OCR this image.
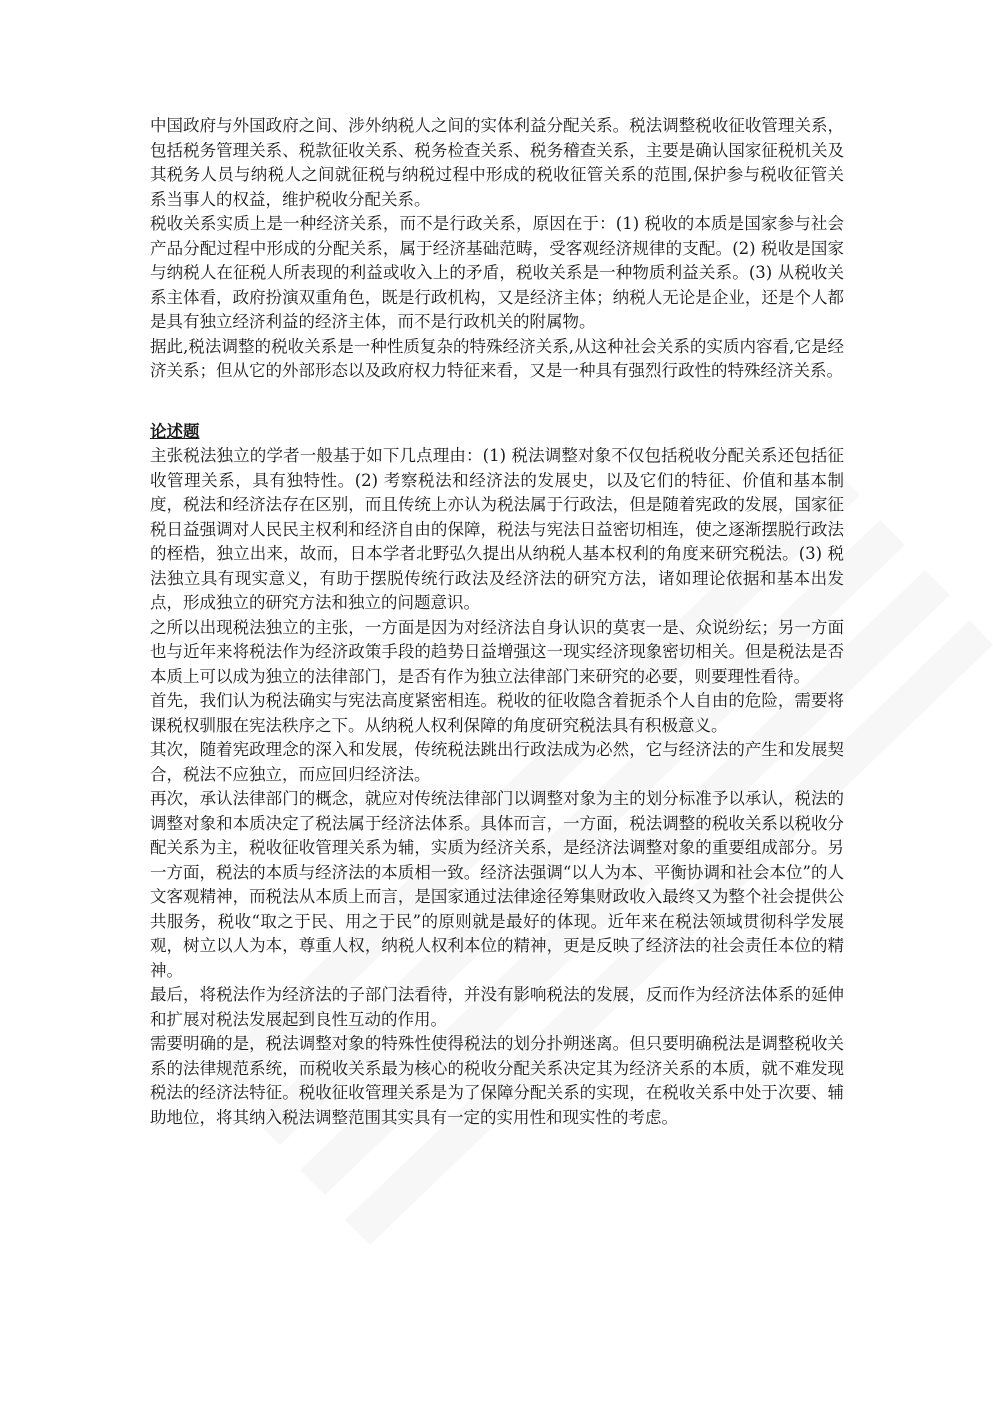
中国政府与外国政府之间、涉外纳税人之间的实体利益分配关系。税法调整税收征收管理关系，包括税务管理关系、税款征收关系、税务检查关系、税务稽查关系，主要是确认国家征税机关及其税务人员与纳税人之间就征税与纳税过程中形成的税收征管关系的范围,保护参与税收征管关系当事人的权益，维护税收分配关系。

税收关系实质上是一种经济关系，而不是行政关系，原因在于：(1) 税收的本质是国家参与社会产品分配过程中形成的分配关系，属于经济基础范畴，受客观经济规律的支配。(2) 税收是国家与纳税人在征税人所表现的利益或收入上的矛盾，税收关系是一种物质利益关系。(3) 从税收关系主体看，政府扮演双重角色，既是行政机构，又是经济主体；纳税人无论是企业，还是个人都是具有独立经济利益的经济主体，而不是行政机关的附属物。

据此,税法调整的税收关系是一种性质复杂的特殊经济关系,从这种社会关系的实质内容看,它是经济关系；但从它的外部形态以及政府权力特征来看，又是一种具有强烈行政性的特殊经济关系。

论述题

主张税法独立的学者一般基于如下几点理由：(1) 税法调整对象不仅包括税收分配关系还包括征收管理关系，具有独特性。(2) 考察税法和经济法的发展史，以及它们的特征、价值和基本制度，税法和经济法存在区别，而且传统上亦认为税法属于行政法，但是随着宪政的发展，国家征税日益强调对人民民主权利和经济自由的保障，税法与宪法日益密切相连，使之逐渐摆脱行政法的桎梏，独立出来，故而，日本学者北野弘久提出从纳税人基本权利的角度来研究税法。(3) 税法独立具有现实意义，有助于摆脱传统行政法及经济法的研究方法，诸如理论依据和基本出发点，形成独立的研究方法和独立的问题意识。

之所以出现税法独立的主张，一方面是因为对经济法自身认识的莫衷一是、众说纷纭；另一方面也与近年来将税法作为经济政策手段的趋势日益增强这一现实经济现象密切相关。但是税法是否本质上可以成为独立的法律部门，是否有作为独立法律部门来研究的必要，则要理性看待。

首先，我们认为税法确实与宪法高度紧密相连。税收的征收隐含着扼杀个人自由的危险，需要将课税权驯服在宪法秩序之下。从纳税人权利保障的角度研究税法具有积极意义。

其次，随着宪政理念的深入和发展，传统税法跳出行政法成为必然，它与经济法的产生和发展契合，税法不应独立，而应回归经济法。

再次，承认法律部门的概念，就应对传统法律部门以调整对象为主的划分标准予以承认，税法的调整对象和本质决定了税法属于经济法体系。具体而言，一方面，税法调整的税收关系以税收分配关系为主，税收征收管理关系为辅，实质为经济关系，是经济法调整对象的重要组成部分。另一方面，税法的本质与经济法的本质相一致。经济法强调“以人为本、平衡协调和社会本位”的人文客观精神，而税法从本质上而言，是国家通过法律途径筹集财政收入最终又为整个社会提供公共服务，税收“取之于民、用之于民”的原则就是最好的体现。近年来在税法领域贯彻科学发展观，树立以人为本，尊重人权，纳税人权利本位的精神，更是反映了经济法的社会责任本位的精神。

最后，将税法作为经济法的子部门法看待，并没有影响税法的发展，反而作为经济法体系的延伸和扩展对税法发展起到良性互动的作用。

需要明确的是，税法调整对象的特殊性使得税法的划分扑朔迷离。但只要明确税法是调整税收关系的法律规范系统，而税收关系最为核心的税收分配关系决定其为经济关系的本质，就不难发现税法的经济法特征。税收征收管理关系是为了保障分配关系的实现，在税收关系中处于次要、辅助地位，将其纳入税法调整范围其实具有一定的实用性和现实性的考虑。
